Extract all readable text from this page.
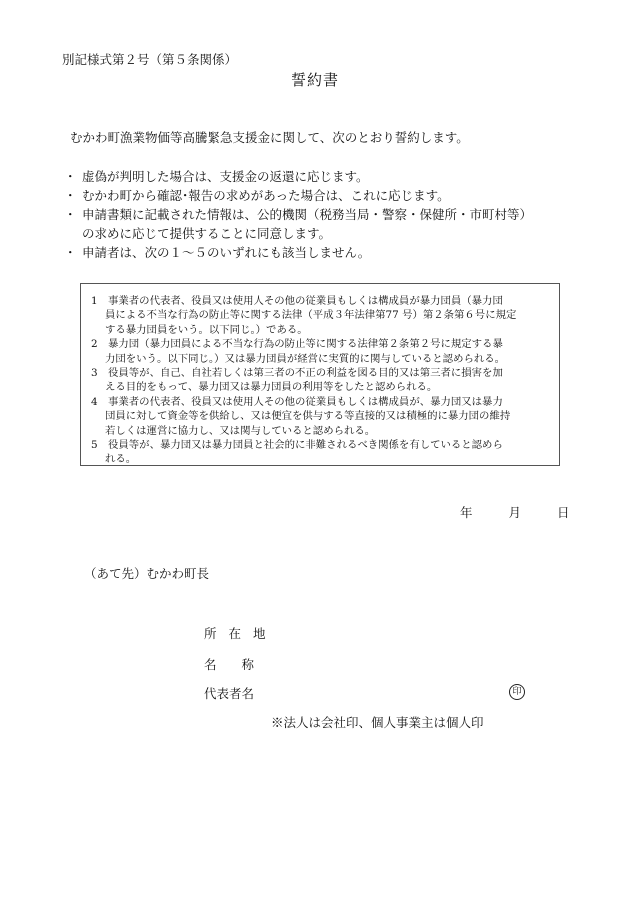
別記様式第２号（第５条関係）
誓約書
むかわ町漁業物価等高騰緊急支援金に関して、次のとおり誓約します。
・ 虚偽が判明した場合は、支援金の返還に応じます。
・ むかわ町から確認･報告の求めがあった場合は、これに応じます。
・ 申請書類に記載された情報は、公的機関（税務当局・警察・保健所・市町村等）
の求めに応じて提供することに同意します。
・ 申請者は、次の１～５のいずれにも該当しません。
1　事業者の代表者、役員又は使用人その他の従業員もしくは構成員が暴力団員（暴力団
員による不当な行為の防止等に関する法律（平成３年法律第77 号）第２条第６号に規定
する暴力団員をいう。以下同じ。）である。
2　暴力団（暴力団員による不当な行為の防止等に関する法律第２条第２号に規定する暴
力団をいう。以下同じ。）又は暴力団員が経営に実質的に関与していると認められる。
3　役員等が、自己、自社若しくは第三者の不正の利益を図る目的又は第三者に損害を加
える目的をもって、暴力団又は暴力団員の利用等をしたと認められる。
4　事業者の代表者、役員又は使用人その他の従業員もしくは構成員が、暴力団又は暴力
団員に対して資金等を供給し、又は便宜を供与する等直接的又は積極的に暴力団の維持
若しくは運営に協力し、又は関与していると認められる。
5　役員等が、暴力団又は暴力団員と社会的に非難されるべき関係を有していると認めら
れる。
年	月	日
（あて先）むかわ町長
所 在 地
名　　称
代表者名	印
※法人は会社印、個人事業主は個人印
